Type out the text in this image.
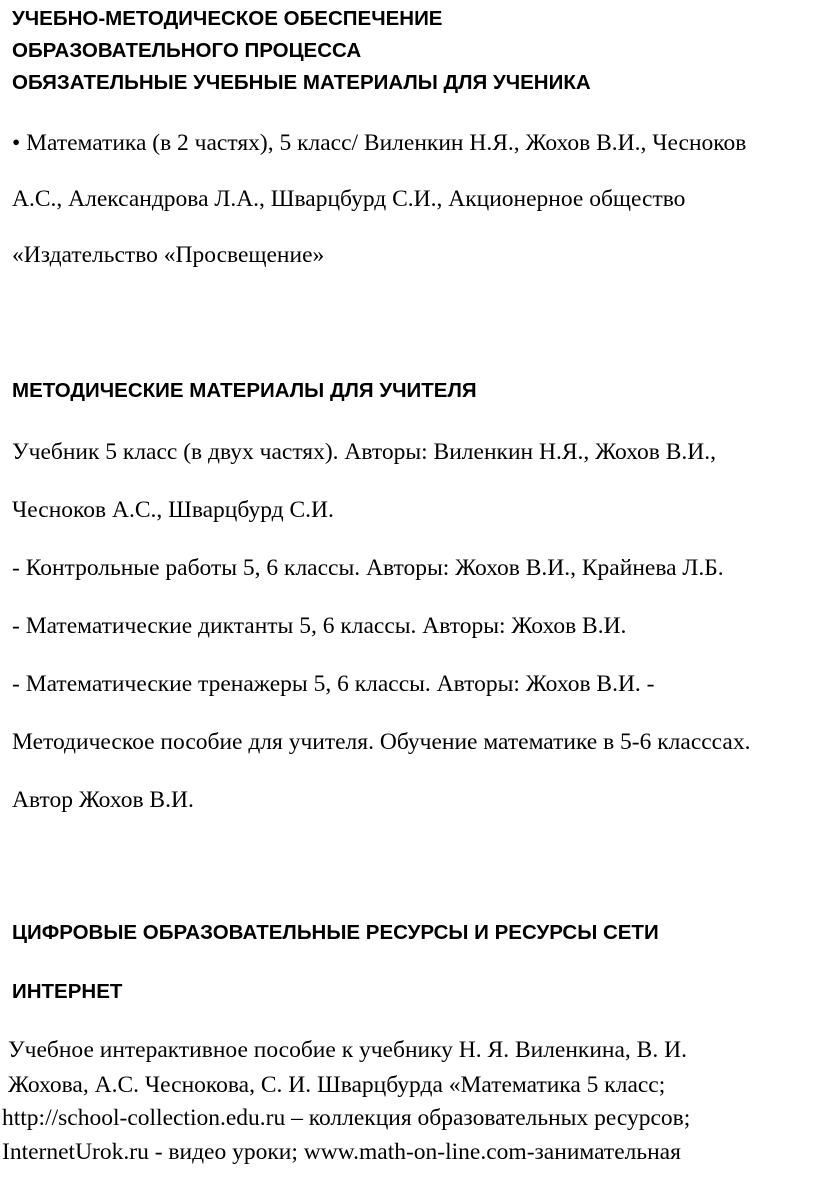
УЧЕБНО-МЕТОДИЧЕСКОЕ ОБЕСПЕЧЕНИЕ
ОБРАЗОВАТЕЛЬНОГО ПРОЦЕССА
ОБЯЗАТЕЛЬНЫЕ УЧЕБНЫЕ МАТЕРИАЛЫ ДЛЯ УЧЕНИКА
• Математика (в 2 частях), 5 класс/ Виленкин Н.Я., Жохов В.И., Чесноков
А.С., Александрова Л.А., Шварцбурд С.И., Акционерное общество
«Издательство «Просвещение»
МЕТОДИЧЕСКИЕ МАТЕРИАЛЫ ДЛЯ УЧИТЕЛЯ
Учебник 5 класс (в двух частях). Авторы: Виленкин Н.Я., Жохов В.И.,
Чесноков А.С., Шварцбурд С.И.
- Контрольные работы 5, 6 классы. Авторы: Жохов В.И., Крайнева Л.Б.
- Математические диктанты 5, 6 классы. Авторы: Жохов В.И.
- Математические тренажеры 5, 6 классы. Авторы: Жохов В.И. -
Методическое пособие для учителя. Обучение математике в 5-6 класссах.
Автор Жохов В.И.
ЦИФРОВЫЕ ОБРАЗОВАТЕЛЬНЫЕ РЕСУРСЫ И РЕСУРСЫ СЕТИ
ИНТЕРНЕТ
Учебное интерактивное пособие к учебнику Н. Я. Виленкина, В. И.
Жохова, А.С. Чеснокова, С. И. Шварцбурда «Математика 5 класс;
http://school-collection.edu.ru – коллекция образовательных ресурсов;
InternetUrok.ru - видео уроки; www.math-on-line.com-занимательная
